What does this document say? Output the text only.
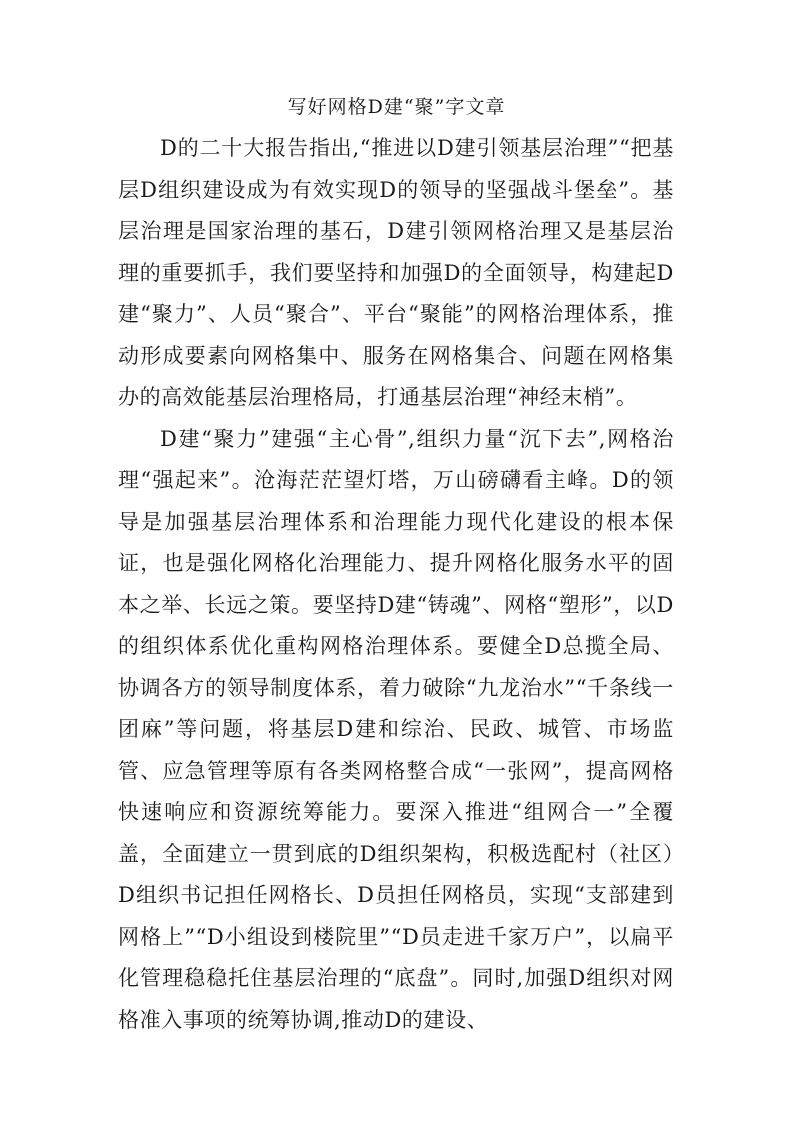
写好网格D建“聚”字文章

D的二十大报告指出,“推进以D建引领基层治理”“把基层D组织建设成为有效实现D的领导的坚强战斗堡垒”。基层治理是国家治理的基石，D建引领网格治理又是基层治理的重要抓手，我们要坚持和加强D的全面领导，构建起D建“聚力”、人员“聚合”、平台“聚能”的网格治理体系，推动形成要素向网格集中、服务在网格集合、问题在网格集办的高效能基层治理格局，打通基层治理“神经末梢”。

D建“聚力”建强“主心骨”,组织力量“沉下去”,网格治理“强起来”。沧海茫茫望灯塔，万山磅礴看主峰。D的领导是加强基层治理体系和治理能力现代化建设的根本保证，也是强化网格化治理能力、提升网格化服务水平的固本之举、长远之策。要坚持D建“铸魂”、网格“塑形”，以D的组织体系优化重构网格治理体系。要健全D总揽全局、协调各方的领导制度体系，着力破除“九龙治水”“千条线一团麻”等问题，将基层D建和综治、民政、城管、市场监管、应急管理等原有各类网格整合成“一张网”，提高网格快速响应和资源统筹能力。要深入推进“组网合一”全覆盖，全面建立一贯到底的D组织架构，积极选配村（社区）D组织书记担任网格长、D员担任网格员，实现“支部建到网格上”“D小组设到楼院里”“D员走进千家万户”，以扁平化管理稳稳托住基层治理的“底盘”。同时,加强D组织对网格准入事项的统筹协调,推动D的建设、
